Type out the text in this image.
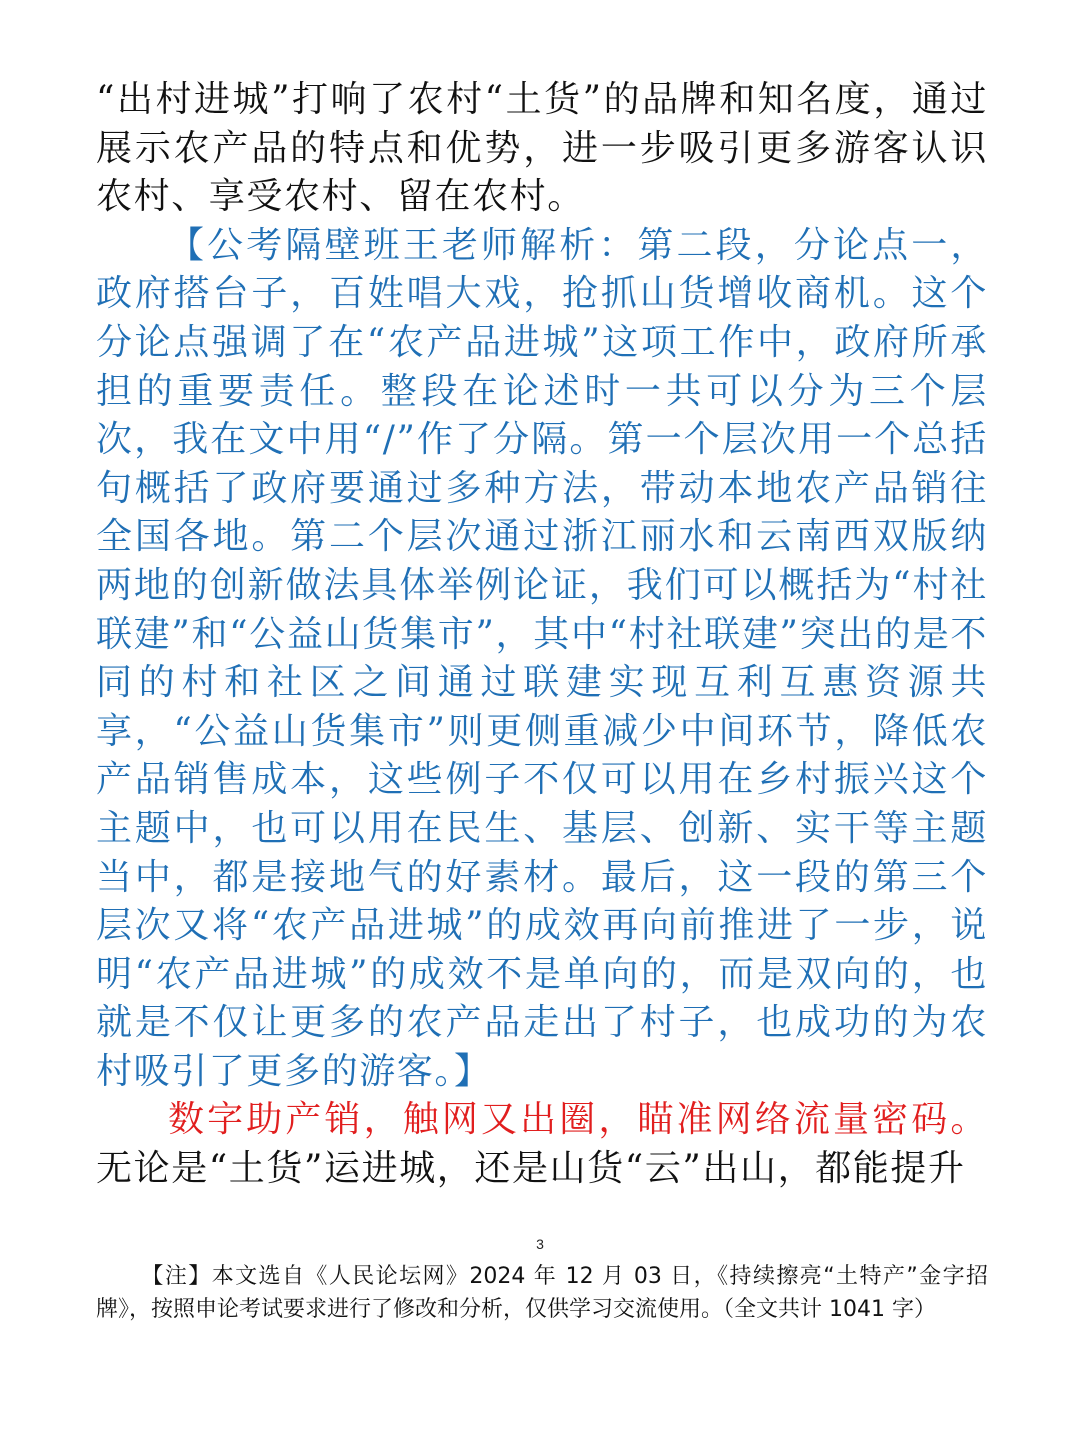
“出村进城”打响了农村“土货”的品牌和知名度，通过展示农产品的特点和优势，进一步吸引更多游客认识农村、享受农村、留在农村。

【公考隔壁班王老师解析：第二段，分论点一，政府搭台子，百姓唱大戏，抢抓山货增收商机。这个分论点强调了在“农产品进城”这项工作中，政府所承担的重要责任。整段在论述时一共可以分为三个层次，我在文中用“/”作了分隔。第一个层次用一个总括句概括了政府要通过多种方法，带动本地农产品销往全国各地。第二个层次通过浙江丽水和云南西双版纳两地的创新做法具体举例论证，我们可以概括为“村社联建”和“公益山货集市”，其中“村社联建”突出的是不同的村和社区之间通过联建实现互利互惠资源共享，“公益山货集市”则更侧重减少中间环节，降低农产品销售成本，这些例子不仅可以用在乡村振兴这个主题中，也可以用在民生、基层、创新、实干等主题当中，都是接地气的好素材。最后，这一段的第三个层次又将“农产品进城”的成效再向前推进了一步，说明“农产品进城”的成效不是单向的，而是双向的，也就是不仅让更多的农产品走出了村子，也成功的为农村吸引了更多的游客。】

数字助产销，触网又出圈，瞄准网络流量密码。无论是“土货”运进城，还是山货“云”出山，都能提升

3
【注】本文选自《人民论坛网》2024 年 12 月 03 日，《持续擦亮“土特产”金字招牌》，按照申论考试要求进行了修改和分析，仅供学习交流使用。（全文共计 1041 字）
